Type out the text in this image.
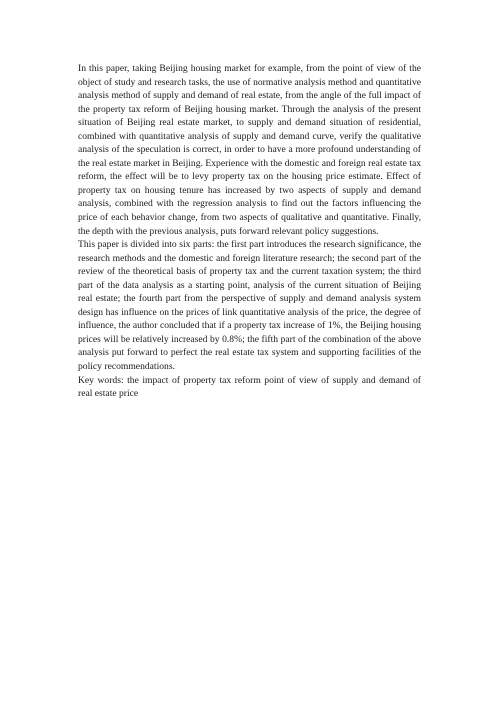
In this paper, taking Beijing housing market for example, from the point of view of the object of study and research tasks, the use of normative analysis method and quantitative analysis method of supply and demand of real estate, from the angle of the full impact of the property tax reform of Beijing housing market. Through the analysis of the present situation of Beijing real estate market, to supply and demand situation of residential, combined with quantitative analysis of supply and demand curve, verify the qualitative analysis of the speculation is correct, in order to have a more profound understanding of the real estate market in Beijing. Experience with the domestic and foreign real estate tax reform, the effect will be to levy property tax on the housing price estimate. Effect of property tax on housing tenure has increased by two aspects of supply and demand analysis, combined with the regression analysis to find out the factors influencing the price of each behavior change, from two aspects of qualitative and quantitative. Finally, the depth with the previous analysis, puts forward relevant policy suggestions.

This paper is divided into six parts: the first part introduces the research significance, the research methods and the domestic and foreign literature research; the second part of the review of the theoretical basis of property tax and the current taxation system; the third part of the data analysis as a starting point, analysis of the current situation of Beijing real estate; the fourth part from the perspective of supply and demand analysis system design has influence on the prices of link quantitative analysis of the price, the degree of influence, the author concluded that if a property tax increase of 1%, the Beijing housing prices will be relatively increased by 0.8%; the fifth part of the combination of the above analysis put forward to perfect the real estate tax system and supporting facilities of the policy recommendations.

Key words: the impact of property tax reform point of view of supply and demand of real estate price
